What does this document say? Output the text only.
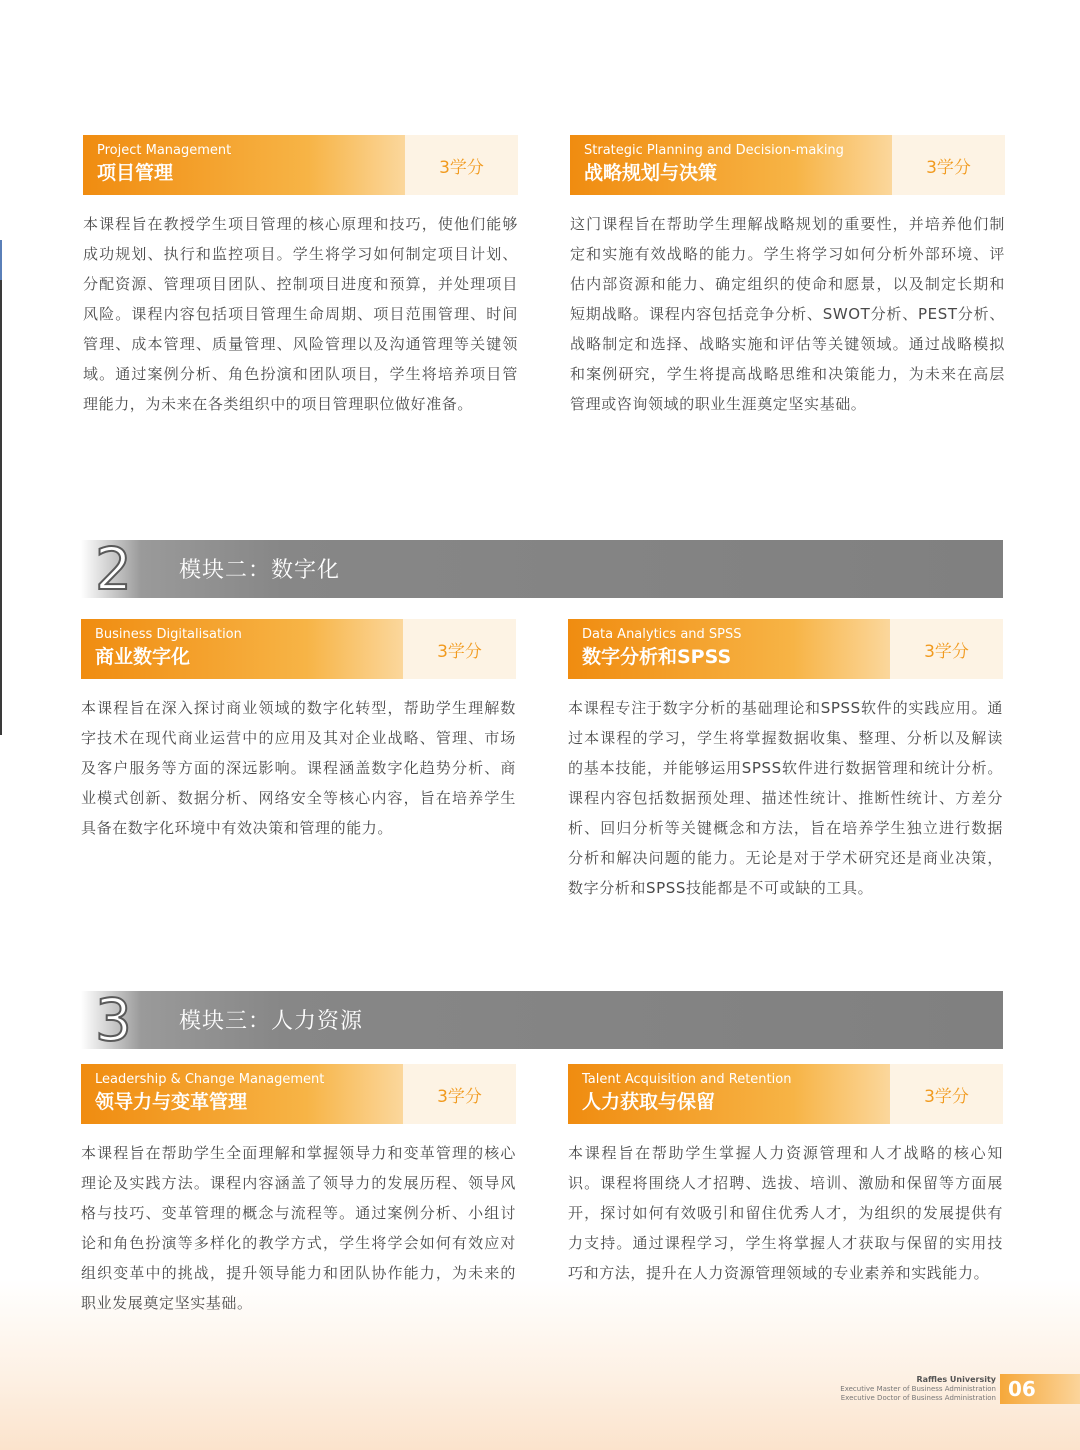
Project Management
项目管理	3学分
本课程旨在教授学生项目管理的核心原理和技巧，使他们能够成功规划、执行和监控项目。学生将学习如何制定项目计划、分配资源、管理项目团队、控制项目进度和预算，并处理项目风险。课程内容包括项目管理生命周期、项目范围管理、时间管理、成本管理、质量管理、风险管理以及沟通管理等关键领域。通过案例分析、角色扮演和团队项目，学生将培养项目管理能力，为未来在各类组织中的项目管理职位做好准备。
Strategic Planning and Decision-making
战略规划与决策	3学分
这门课程旨在帮助学生理解战略规划的重要性，并培养他们制定和实施有效战略的能力。学生将学习如何分析外部环境、评估内部资源和能力、确定组织的使命和愿景，以及制定长期和短期战略。课程内容包括竞争分析、SWOT分析、PEST分析、战略制定和选择、战略实施和评估等关键领域。通过战略模拟和案例研究，学生将提高战略思维和决策能力，为未来在高层管理或咨询领域的职业生涯奠定坚实基础。
2 模块二：数字化
Business Digitalisation
商业数字化	3学分
本课程旨在深入探讨商业领域的数字化转型，帮助学生理解数字技术在现代商业运营中的应用及其对企业战略、管理、市场及客户服务等方面的深远影响。课程涵盖数字化趋势分析、商业模式创新、数据分析、网络安全等核心内容，旨在培养学生具备在数字化环境中有效决策和管理的能力。
Data Analytics and SPSS
数字分析和SPSS	3学分
本课程专注于数字分析的基础理论和SPSS软件的实践应用。通过本课程的学习，学生将掌握数据收集、整理、分析以及解读的基本技能，并能够运用SPSS软件进行数据管理和统计分析。课程内容包括数据预处理、描述性统计、推断性统计、方差分析、回归分析等关键概念和方法，旨在培养学生独立进行数据分析和解决问题的能力。无论是对于学术研究还是商业决策，数字分析和SPSS技能都是不可或缺的工具。
3 模块三：人力资源
Leadership & Change Management
领导力与变革管理	3学分
本课程旨在帮助学生全面理解和掌握领导力和变革管理的核心理论及实践方法。课程内容涵盖了领导力的发展历程、领导风格与技巧、变革管理的概念与流程等。通过案例分析、小组讨论和角色扮演等多样化的教学方式，学生将学会如何有效应对组织变革中的挑战，提升领导能力和团队协作能力，为未来的职业发展奠定坚实基础。
Talent Acquisition and Retention
人力获取与保留	3学分
本课程旨在帮助学生掌握人力资源管理和人才战略的核心知识。课程将围绕人才招聘、选拔、培训、激励和保留等方面展开，探讨如何有效吸引和留住优秀人才，为组织的发展提供有力支持。通过课程学习，学生将掌握人才获取与保留的实用技巧和方法，提升在人力资源管理领域的专业素养和实践能力。
Raffles University
Executive Master of Business Administration
Executive Doctor of Business Administration 06
